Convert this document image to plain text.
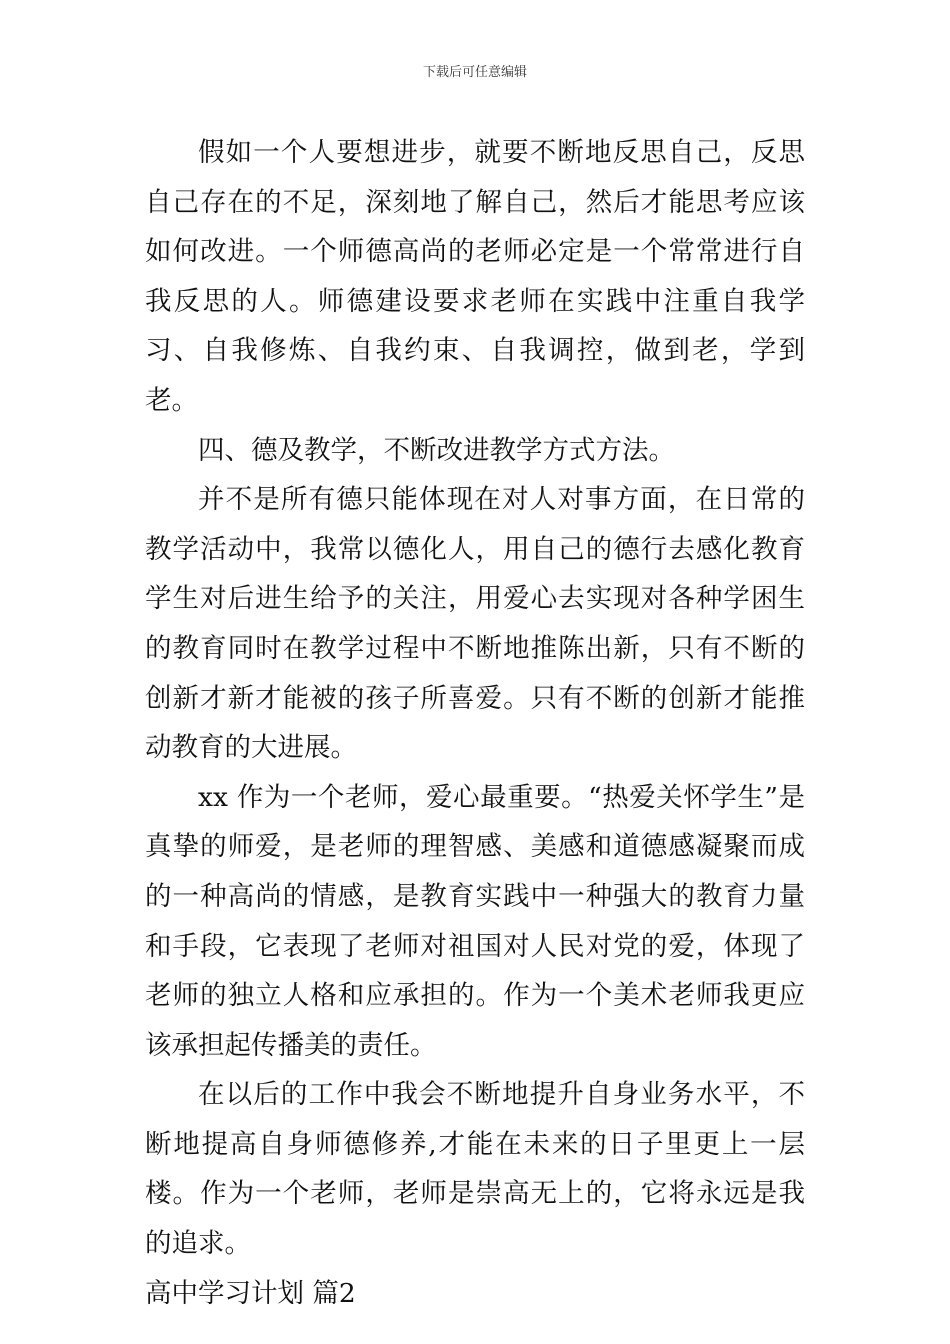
下载后可任意编辑

假如一个人要想进步，就要不断地反思自己，反思自己存在的不足，深刻地了解自己，然后才能思考应该如何改进。一个师德高尚的老师必定是一个常常进行自我反思的人。师德建设要求老师在实践中注重自我学习、自我修炼、自我约束、自我调控，做到老，学到老。

四、德及教学，不断改进教学方式方法。

并不是所有德只能体现在对人对事方面，在日常的教学活动中，我常以德化人，用自己的德行去感化教育学生对后进生给予的关注，用爱心去实现对各种学困生的教育同时在教学过程中不断地推陈出新，只有不断的创新才新才能被的孩子所喜爱。只有不断的创新才能推动教育的大进展。

xx 作为一个老师，爱心最重要。“热爱关怀学生”是真挚的师爱，是老师的理智感、美感和道德感凝聚而成的一种高尚的情感，是教育实践中一种强大的教育力量和手段，它表现了老师对祖国对人民对党的爱，体现了老师的独立人格和应承担的。作为一个美术老师我更应该承担起传播美的责任。

在以后的工作中我会不断地提升自身业务水平，不断地提高自身师德修养,才能在未来的日子里更上一层楼。作为一个老师，老师是崇高无上的，它将永远是我的追求。

高中学习计划 篇2
